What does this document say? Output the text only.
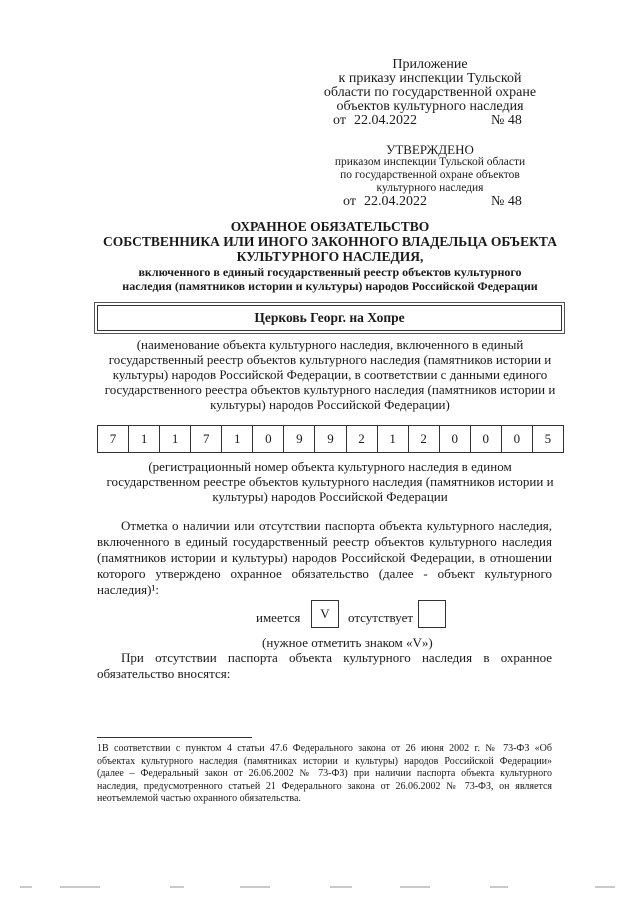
Приложение
к приказу инспекции Тульской
области по государственной охране
объектов культурного наследия
от 22.04.2022	№ 48
УТВЕРЖДЕНО
приказом инспекции Тульской области
по государственной охране объектов
культурного наследия
от 22.04.2022	№ 48
ОХРАННОЕ ОБЯЗАТЕЛЬСТВО
СОБСТВЕННИКА ИЛИ ИНОГО ЗАКОННОГО ВЛАДЕЛЬЦА ОБЪЕКТА
КУЛЬТУРНОГО НАСЛЕДИЯ,
включенного в единый государственный реестр объектов культурного
наследия (памятников истории и культуры) народов Российской Федерации
Церковь Георг. на Хопре
(наименование объекта культурного наследия, включенного в единый
государственный реестр объектов культурного наследия (памятников истории и
культуры) народов Российской Федерации, в соответствии с данными единого
государственного реестра объектов культурного наследия (памятников истории и
культуры) народов Российской Федерации)
7	1	1	7	1	0	9	9	2	1	2	0	0	0	5
(регистрационный номер объекта культурного наследия в едином
государственном реестре объектов культурного наследия (памятников истории и
культуры) народов Российской Федерации
Отметка о наличии или отсутствии паспорта объекта культурного наследия,
включенного в единый государственный реестр объектов культурного наследия
(памятников истории и культуры) народов Российской Федерации, в отношении
которого утверждено охранное обязательство (далее - объект культурного
наследия)¹:
имеется V отсутствует
(нужное отметить знаком «V»)
При отсутствии паспорта объекта культурного наследия в охранное
обязательство вносятся:
1В соответствии с пунктом 4 статьи 47.6 Федерального закона от 26 июня 2002 г. № 73-ФЗ «Об
объектах культурного наследия (памятниках истории и культуры) народов Российской Федерации»
(далее – Федеральный закон от 26.06.2002 № 73-ФЗ) при наличии паспорта объекта культурного
наследия, предусмотренного статьей 21 Федерального закона от 26.06.2002 № 73-ФЗ, он является
неотъемлемой частью охранного обязательства.
